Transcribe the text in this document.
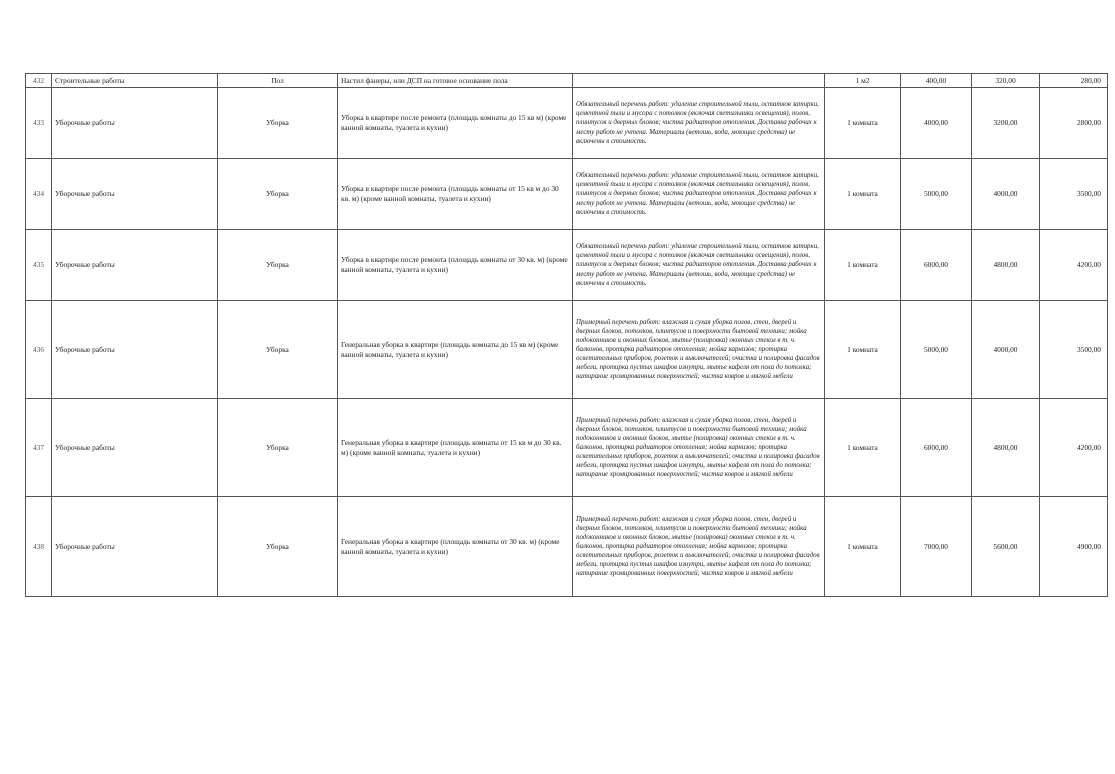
432	Строительные работы	Пол	Настил фанеры, или ДСП на готовое основание пола		1 м2	400,00	320,00	280,00
433	Уборочные работы	Уборка	Уборка в квартире после ремонта (площадь комнаты до 15 кв м) (кроме ванной комнаты, туалета и кухни)	Обязательный перечень работ: удаление строительной пыли, остатков затирки, цементной пыли и мусора с потолков (включая светильники освещения), полов, плинтусов и дверных блоков; чистка радиаторов отопления. Доставка рабочих к месту работ не учтена. Материалы (ветошь, вода, моющие средства) не включены в стоимость.	1 комната	4000,00	3200,00	2800,00
434	Уборочные работы	Уборка	Уборка в квартире после ремонта (площадь комнаты от 15 кв м до 30 кв. м) (кроме ванной комнаты, туалета и кухни)	Обязательный перечень работ: удаление строительной пыли, остатков затирки, цементной пыли и мусора с потолков (включая светильники освещения), полов, плинтусов и дверных блоков; чистка радиаторов отопления. Доставка рабочих к месту работ не учтена. Материалы (ветошь, вода, моющие средства) не включены в стоимость.	1 комната	5000,00	4000,00	3500,00
435	Уборочные работы	Уборка	Уборка в квартире после ремонта (площадь комнаты от 30 кв. м) (кроме ванной комнаты, туалета и кухни)	Обязательный перечень работ: удаление строительной пыли, остатков затирки, цементной пыли и мусора с потолков (включая светильники освещения), полов, плинтусов и дверных блоков; чистка радиаторов отопления. Доставка рабочих к месту работ не учтена. Материалы (ветошь, вода, моющие средства) не включены в стоимость.	1 комната	6000,00	4800,00	4200,00
436	Уборочные работы	Уборка	Генеральная уборка в квартире (площадь комнаты до 15 кв м) (кроме ванной комнаты, туалета и кухни)	Примерный перечень работ: влажная и сухая уборка полов, стен, дверей и дверных блоков, потолков, плинтусов и поверхности бытовой техники; мойка подоконников и оконных блоков, мытье (полировка) оконных стекол в т. ч. балконов, протирка радиаторов отопления; мойка карнизов; протирка осветительных приборов, розеток и выключателей; очистка и полировка фасадов мебели, протирка пустых шкафов изнутри, мытье кафеля от пола до потолка; натирание хромированных поверхностей; чистка ковров и мягкой мебели	1 комната	5000,00	4000,00	3500,00
437	Уборочные работы	Уборка	Генеральная уборка в квартире (площадь комнаты от 15 кв м до 30 кв. м) (кроме ванной комнаты, туалета и кухни)	Примерный перечень работ: влажная и сухая уборка полов, стен, дверей и дверных блоков, потолков, плинтусов и поверхности бытовой техники; мойка подоконников и оконных блоков, мытье (полировка) оконных стекол в т. ч. балконов, протирка радиаторов отопления; мойка карнизов; протирка осветительных приборов, розеток и выключателей; очистка и полировка фасадов мебели, протирка пустых шкафов изнутри, мытье кафеля от пола до потолка; натирание хромированных поверхностей; чистка ковров и мягкой мебели	1 комната	6000,00	4800,00	4200,00
438	Уборочные работы	Уборка	Генеральная уборка в квартире (площадь комнаты от 30 кв. м) (кроме ванной комнаты, туалета и кухни)	Примерный перечень работ: влажная и сухая уборка полов, стен, дверей и дверных блоков, потолков, плинтусов и поверхности бытовой техники; мойка подоконников и оконных блоков, мытье (полировка) оконных стекол в т. ч. балконов, протирка радиаторов отопления; мойка карнизов; протирка осветительных приборов, розеток и выключателей; очистка и полировка фасадов мебели, протирка пустых шкафов изнутри, мытье кафеля от пола до потолка; натирание хромированных поверхностей; чистка ковров и мягкой мебели	1 комната	7000,00	5600,00	4900,00
